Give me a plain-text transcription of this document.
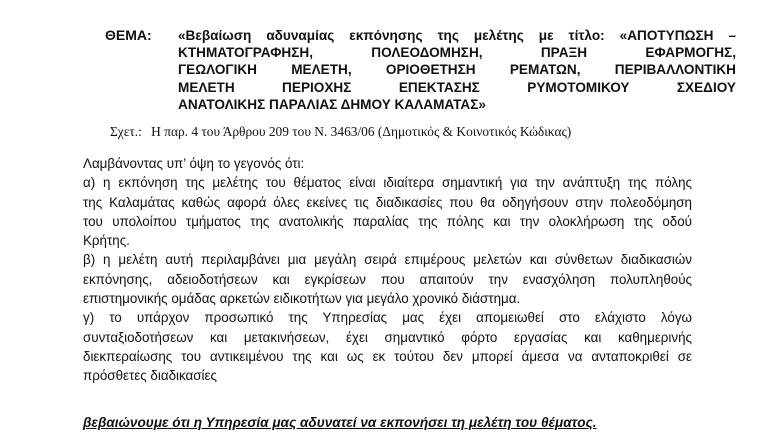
ΘΕΜΑ: «Βεβαίωση αδυναμίας εκπόνησης της μελέτης με τίτλο: «ΑΠΟΤΥΠΩΣΗ –
ΚΤΗΜΑΤΟΓΡΑΦΗΣΗ, ΠΟΛΕΟΔΟΜΗΣΗ, ΠΡΑΞΗ ΕΦΑΡΜΟΓΗΣ,
ΓΕΩΛΟΓΙΚΗ ΜΕΛΕΤΗ, ΟΡΙΟΘΕΤΗΣΗ ΡΕΜΑΤΩΝ, ΠΕΡΙΒΑΛΛΟΝΤΙΚΗ
ΜΕΛΕΤΗ ΠΕΡΙΟΧΗΣ ΕΠΕΚΤΑΣΗΣ ΡΥΜΟΤΟΜΙΚΟΥ ΣΧΕΔΙΟΥ
ΑΝΑΤΟΛΙΚΗΣ ΠΑΡΑΛΙΑΣ ΔΗΜΟΥ ΚΑΛΑΜΑΤΑΣ»
Σχετ.: Η παρ. 4 του Άρθρου 209 του Ν. 3463/06 (Δημοτικός & Κοινοτικός Κώδικας)
Λαμβάνοντας υπ’ όψη το γεγονός ότι:
α) η εκπόνηση της μελέτης του θέματος είναι ιδιαίτερα σημαντική για την ανάπτυξη της πόλης
της Καλαμάτας καθώς αφορά όλες εκείνες τις διαδικασίες που θα οδηγήσουν στην πολεοδόμηση
του υπολοίπου τμήματος της ανατολικής παραλίας της πόλης και την ολοκλήρωση της οδού
Κρήτης.
β) η μελέτη αυτή περιλαμβάνει μια μεγάλη σειρά επιμέρους μελετών και σύνθετων διαδικασιών
εκπόνησης, αδειοδοτήσεων και εγκρίσεων που απαιτούν την ενασχόληση πολυπληθούς
επιστημονικής ομάδας αρκετών ειδικοτήτων για μεγάλο χρονικό διάστημα.
γ) το υπάρχον προσωπικό της Υπηρεσίας μας έχει απομειωθεί στο ελάχιστο λόγω
συνταξιοδοτήσεων και μετακινήσεων, έχει σημαντικό φόρτο εργασίας και καθημερινής
διεκπεραίωσης του αντικειμένου της και ως εκ τούτου δεν μπορεί άμεσα να ανταποκριθεί σε
πρόσθετες διαδικασίες
βεβαιώνουμε ότι η Υπηρεσία μας αδυνατεί να εκπονήσει τη μελέτη του θέματος.
